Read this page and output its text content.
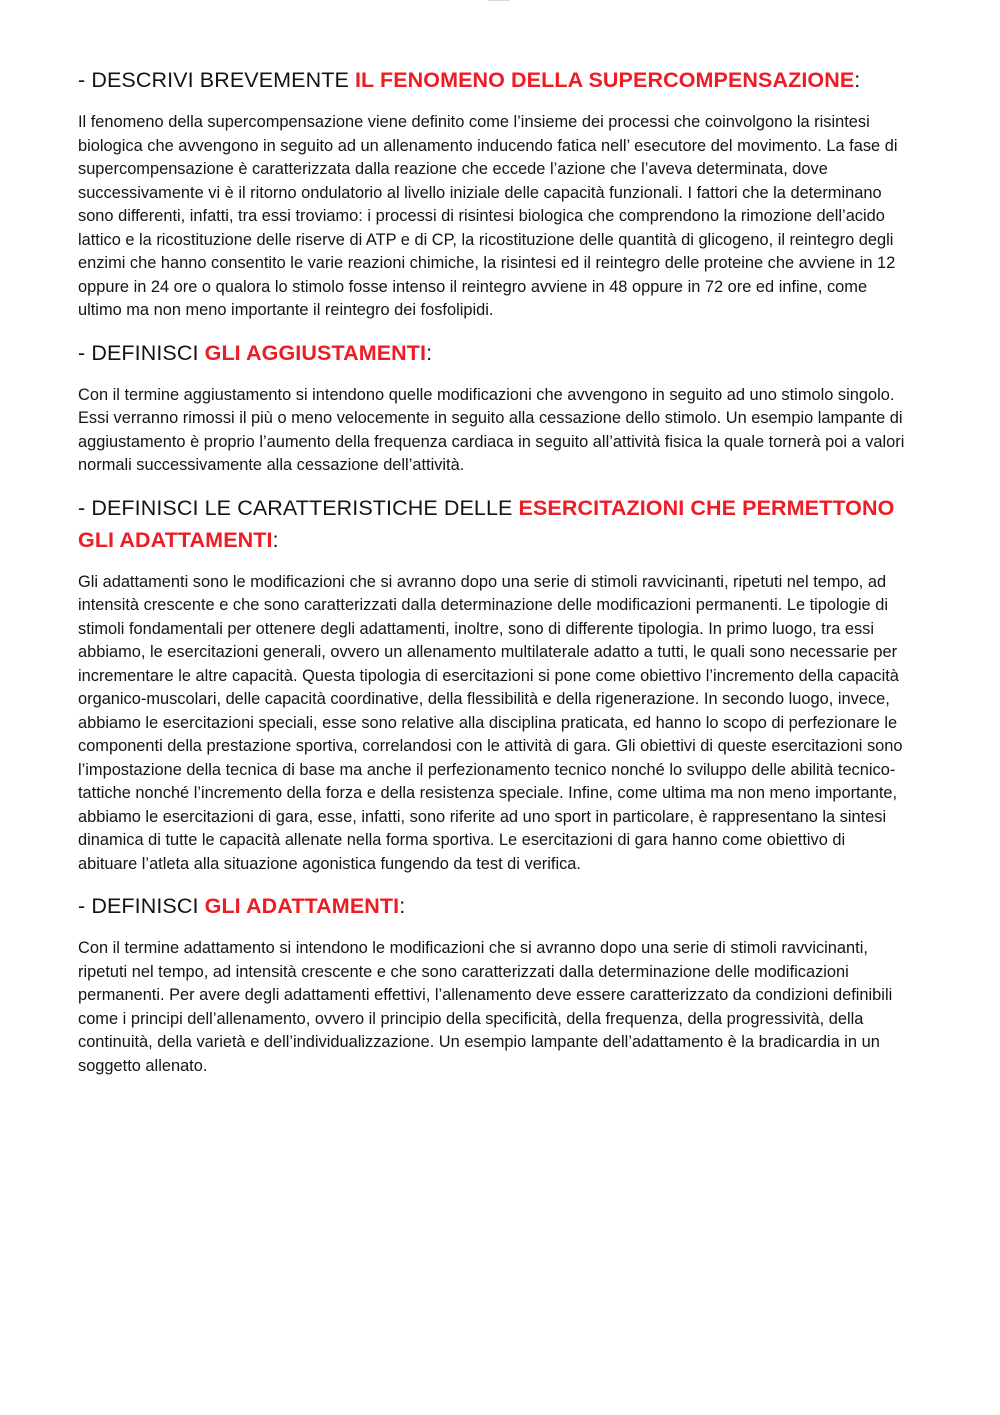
- DESCRIVI BREVEMENTE IL FENOMENO DELLA SUPERCOMPENSAZIONE:

Il fenomeno della supercompensazione viene definito come l’insieme dei processi che coinvolgono la risintesi biologica che avvengono in seguito ad un allenamento inducendo fatica nell’ esecutore del movimento. La fase di supercompensazione è caratterizzata dalla reazione che eccede l’azione che l’aveva determinata, dove successivamente vi è il ritorno ondulatorio al livello iniziale delle capacità funzionali. I fattori che la determinano sono differenti, infatti, tra essi troviamo: i processi di risintesi biologica che comprendono la rimozione dell’acido lattico e la ricostituzione delle riserve di ATP e di CP, la ricostituzione delle quantità di glicogeno, il reintegro degli enzimi che hanno consentito le varie reazioni chimiche, la risintesi ed il reintegro delle proteine che avviene in 12 oppure in 24 ore o qualora lo stimolo fosse intenso il reintegro avviene in 48 oppure in 72 ore ed infine, come ultimo ma non meno importante il reintegro dei fosfolipidi.

- DEFINISCI GLI AGGIUSTAMENTI:

Con il termine aggiustamento si intendono quelle modificazioni che avvengono in seguito ad uno stimolo singolo. Essi verranno rimossi il più o meno velocemente in seguito alla cessazione dello stimolo. Un esempio lampante di aggiustamento è proprio l’aumento della frequenza cardiaca in seguito all’attività fisica la quale tornerà poi a valori normali successivamente alla cessazione dell’attività.

- DEFINISCI LE CARATTERISTICHE DELLE ESERCITAZIONI CHE PERMETTONO GLI ADATTAMENTI:

Gli adattamenti sono le modificazioni che si avranno dopo una serie di stimoli ravvicinanti, ripetuti nel tempo, ad intensità crescente e che sono caratterizzati dalla determinazione delle modificazioni permanenti. Le tipologie di stimoli fondamentali per ottenere degli adattamenti, inoltre, sono di differente tipologia. In primo luogo, tra essi abbiamo, le esercitazioni generali, ovvero un allenamento multilaterale adatto a tutti, le quali sono necessarie per incrementare le altre capacità. Questa tipologia di esercitazioni si pone come obiettivo l’incremento della capacità organico-muscolari, delle capacità coordinative, della flessibilità e della rigenerazione. In secondo luogo, invece, abbiamo le esercitazioni speciali, esse sono relative alla disciplina praticata, ed hanno lo scopo di perfezionare le componenti della prestazione sportiva, correlandosi con le attività di gara. Gli obiettivi di queste esercitazioni sono l’impostazione della tecnica di base ma anche il perfezionamento tecnico nonché lo sviluppo delle abilità tecnico-tattiche nonché l’incremento della forza e della resistenza speciale. Infine, come ultima ma non meno importante, abbiamo le esercitazioni di gara, esse, infatti, sono riferite ad uno sport in particolare, è rappresentano la sintesi dinamica di tutte le capacità allenate nella forma sportiva. Le esercitazioni di gara hanno come obiettivo di abituare l’atleta alla situazione agonistica fungendo da test di verifica.

- DEFINISCI GLI ADATTAMENTI:

Con il termine adattamento si intendono le modificazioni che si avranno dopo una serie di stimoli ravvicinanti, ripetuti nel tempo, ad intensità crescente e che sono caratterizzati dalla determinazione delle modificazioni permanenti. Per avere degli adattamenti effettivi, l’allenamento deve essere caratterizzato da condizioni definibili come i principi dell’allenamento, ovvero il principio della specificità, della frequenza, della progressività, della continuità, della varietà e dell’individualizzazione. Un esempio lampante dell’adattamento è la bradicardia in un soggetto allenato.
